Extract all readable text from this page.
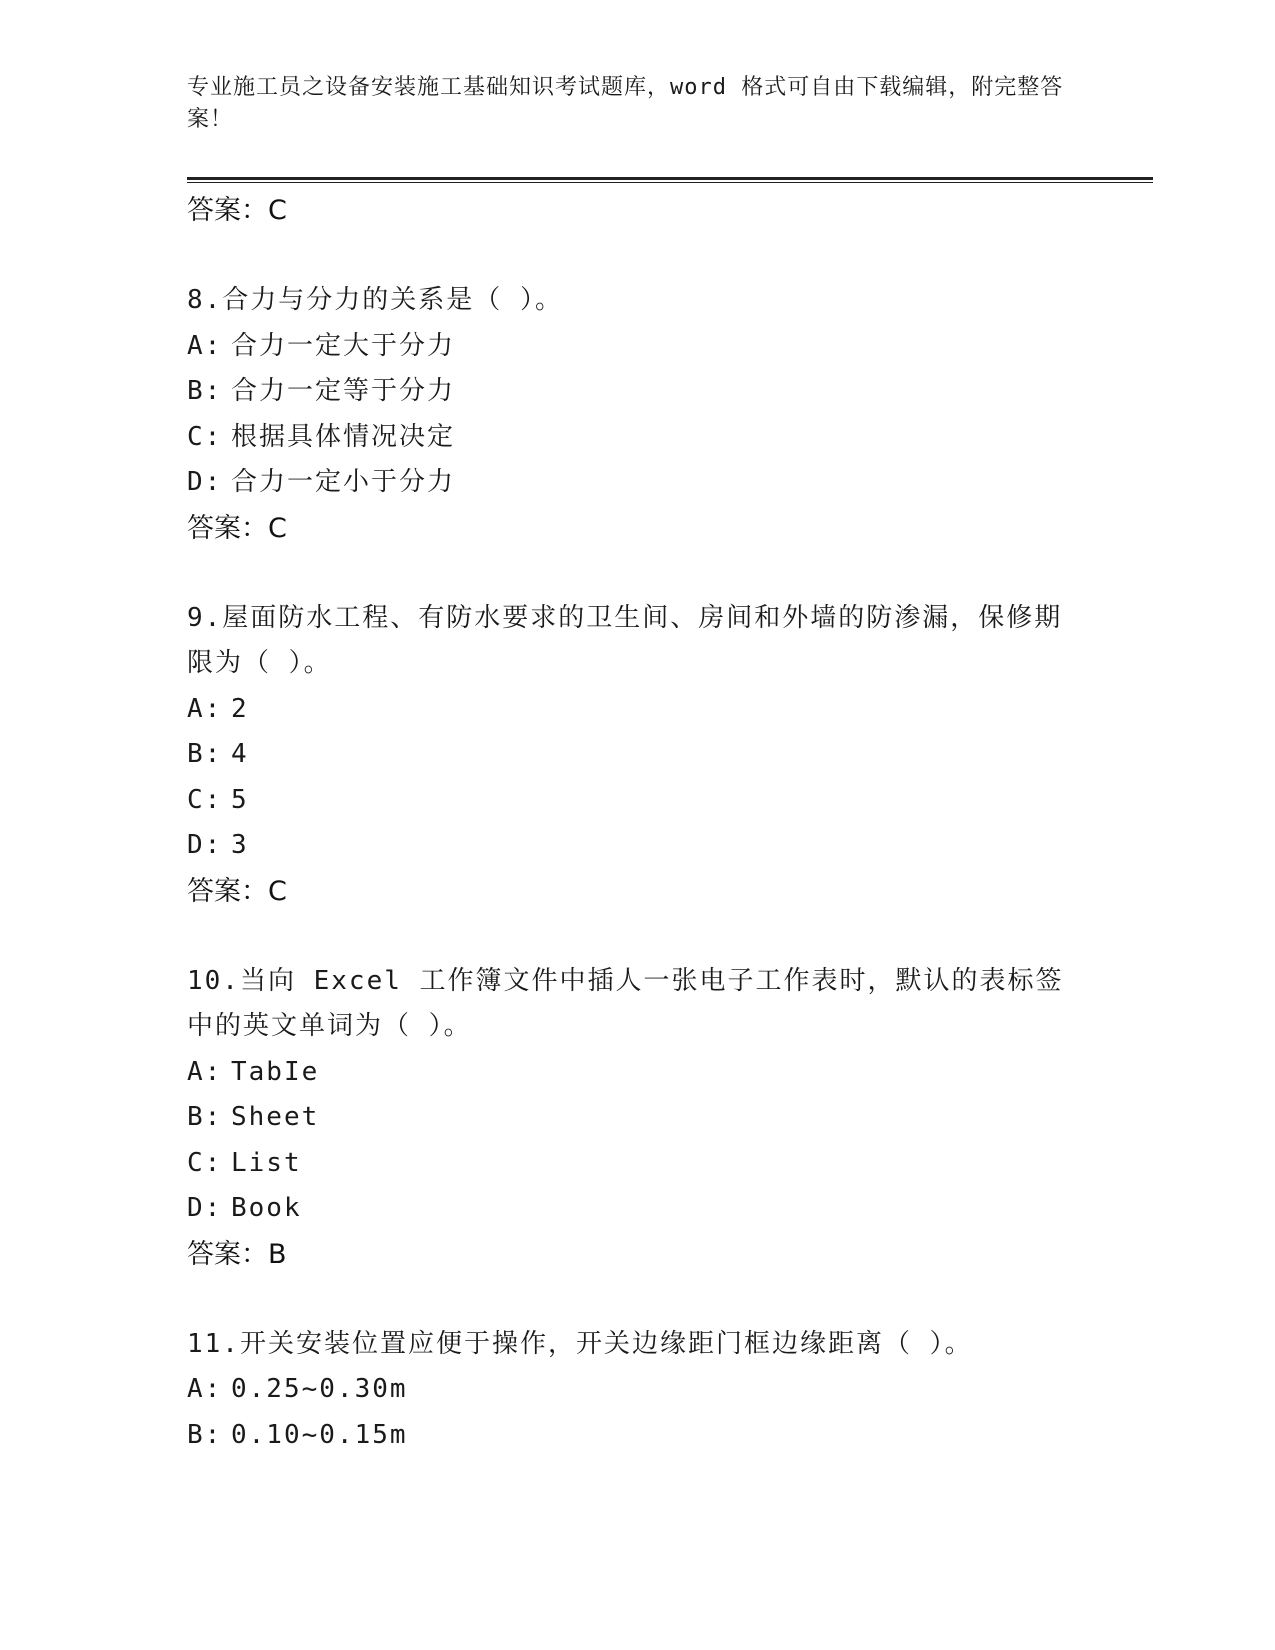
专业施工员之设备安装施工基础知识考试题库，word 格式可自由下载编辑，附完整答案！
答案：C
8.合力与分力的关系是（ ）。
A: 合力一定大于分力
B: 合力一定等于分力
C: 根据具体情况决定
D: 合力一定小于分力
答案：C
9.屋面防水工程、有防水要求的卫生间、房间和外墙的防渗漏，保修期限为（ ）。
A: 2
B: 4
C: 5
D: 3
答案：C
10.当向 Excel 工作簿文件中插人一张电子工作表时，默认的表标签中的英文单词为（ ）。
A: TabIe
B: Sheet
C: List
D: Book
答案：B
11.开关安装位置应便于操作，开关边缘距门框边缘距离（ ）。
A: 0.25~0.30m
B: 0.10~0.15m
